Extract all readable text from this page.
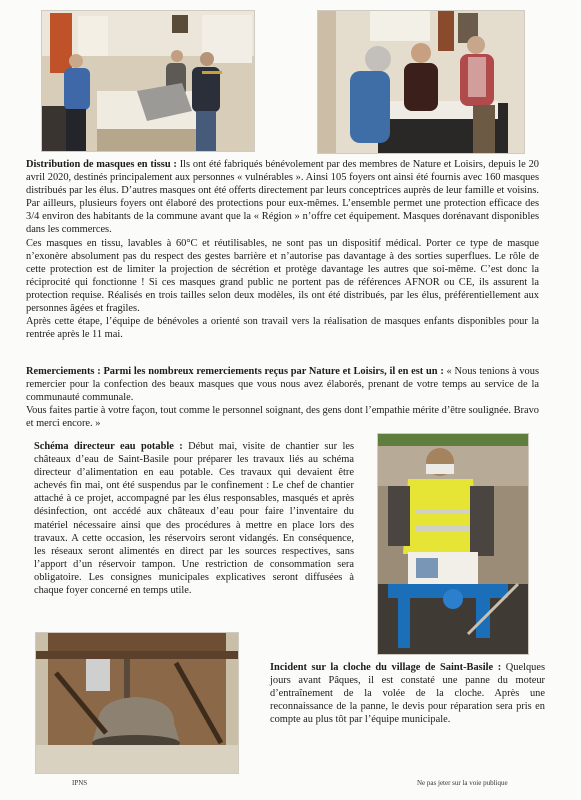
Distribution de masques en tissu : Ils ont été fabriqués bénévolement par des membres de Nature et Loisirs, depuis le 20 avril 2020, destinés principalement aux personnes « vulnérables ». Ainsi 105 foyers ont ainsi été fournis avec 160 masques distribués par les élus. D’autres masques ont été offerts directement par leurs conceptrices auprès de leur famille et voisins. Par ailleurs, plusieurs foyers ont élaboré des protections pour eux-mêmes. L’ensemble permet une protection efficace des 3/4 environ des habitants de la commune avant que la « Région » n’offre cet équipement. Masques dorénavant disponibles dans les commerces.

Ces masques en tissu, lavables à 60°C et réutilisables, ne sont pas un dispositif médical. Porter ce type de masque n’exonère absolument pas du respect des gestes barrière et n’autorise pas davantage à des sorties superflues. Le rôle de cette protection est de limiter la projection de sécrétion et protège davantage les autres que soi-même. C’est donc la réciprocité qui fonctionne ! Si ces masques grand public ne portent pas de références AFNOR ou CE, ils assurent la protection requise. Réalisés en trois tailles selon deux modèles, ils ont été distribués, par les élus, préférentiellement aux personnes âgées et fragiles.

Après cette étape, l’équipe de bénévoles a orienté son travail vers la réalisation de masques enfants disponibles pour la rentrée après le 11 mai.

Remerciements : Parmi les nombreux remerciements reçus par Nature et Loisirs, il en est un : « Nous tenions à vous remercier pour la confection des beaux masques que vous nous avez élaborés, prenant de votre temps au service de la communauté communale.

Vous faites partie à votre façon, tout comme le personnel soignant, des gens dont l’empathie mérite d’être soulignée. Bravo et merci encore. »

Schéma directeur eau potable : Début mai, visite de chantier sur les châteaux d’eau de Saint-Basile pour préparer les travaux liés au schéma directeur d’alimentation en eau potable. Ces travaux qui devaient être achevés fin mai, ont été suspendus par le confinement : Le chef de chantier attaché à ce projet, accompagné par les élus responsables, masqués et après désinfection, ont accédé aux châteaux d’eau pour faire l’inventaire du matériel nécessaire ainsi que des procédures à mettre en place lors des travaux. A cette occasion, les réservoirs seront vidangés. En conséquence, les réseaux seront alimentés en direct par les sources respectives, sans l’apport d’un réservoir tampon. Une restriction de consommation sera obligatoire. Les consignes municipales explicatives seront diffusées à chaque foyer concerné en temps utile.

Incident sur la cloche du village de Saint-Basile : Quelques jours avant Pâques, il est constaté une panne du moteur d’entraînement de la volée de la cloche. Après une reconnaissance de la panne, le devis pour réparation sera pris en compte au plus tôt par l’équipe municipale.

IPNS	Ne pas jeter sur la voie publique
